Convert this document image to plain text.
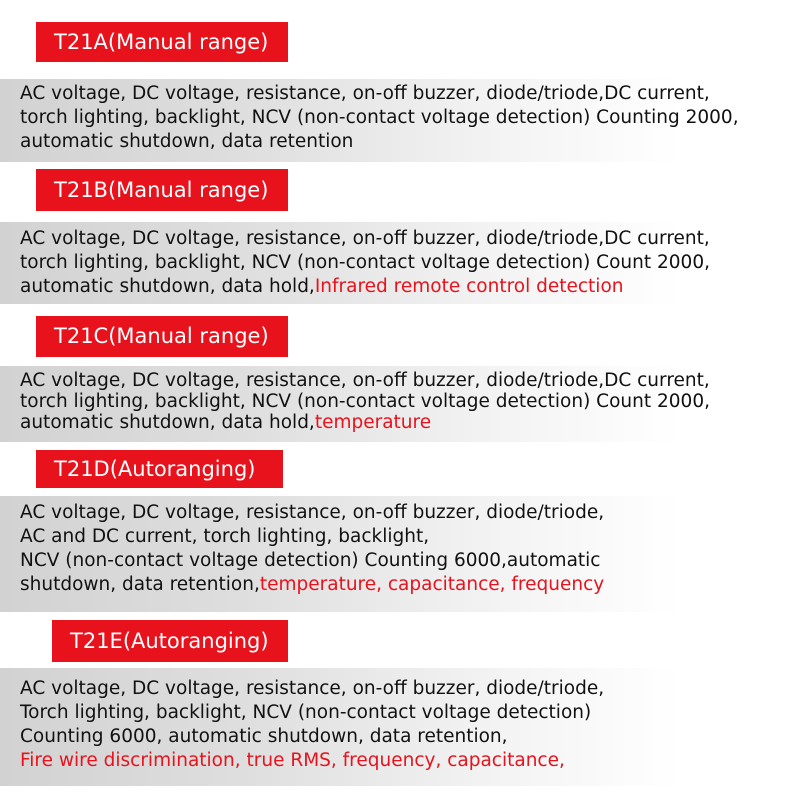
T21A(Manual range)
AC voltage, DC voltage, resistance, on-off buzzer, diode/triode,DC current,
torch lighting, backlight, NCV (non-contact voltage detection) Counting 2000,
automatic shutdown, data retention
T21B(Manual range)
AC voltage, DC voltage, resistance, on-off buzzer, diode/triode,DC current,
torch lighting, backlight, NCV (non-contact voltage detection) Count 2000,
automatic shutdown, data hold,Infrared remote control detection
T21C(Manual range)
AC voltage, DC voltage, resistance, on-off buzzer, diode/triode,DC current,
torch lighting, backlight, NCV (non-contact voltage detection) Count 2000,
automatic shutdown, data hold,temperature
T21D(Autoranging)
AC voltage, DC voltage, resistance, on-off buzzer, diode/triode,
AC and DC current, torch lighting, backlight,
NCV (non-contact voltage detection) Counting 6000,automatic
shutdown, data retention,temperature, capacitance, frequency
T21E(Autoranging)
AC voltage, DC voltage, resistance, on-off buzzer, diode/triode,
Torch lighting, backlight, NCV (non-contact voltage detection)
Counting 6000, automatic shutdown, data retention,
Fire wire discrimination, true RMS, frequency, capacitance,
